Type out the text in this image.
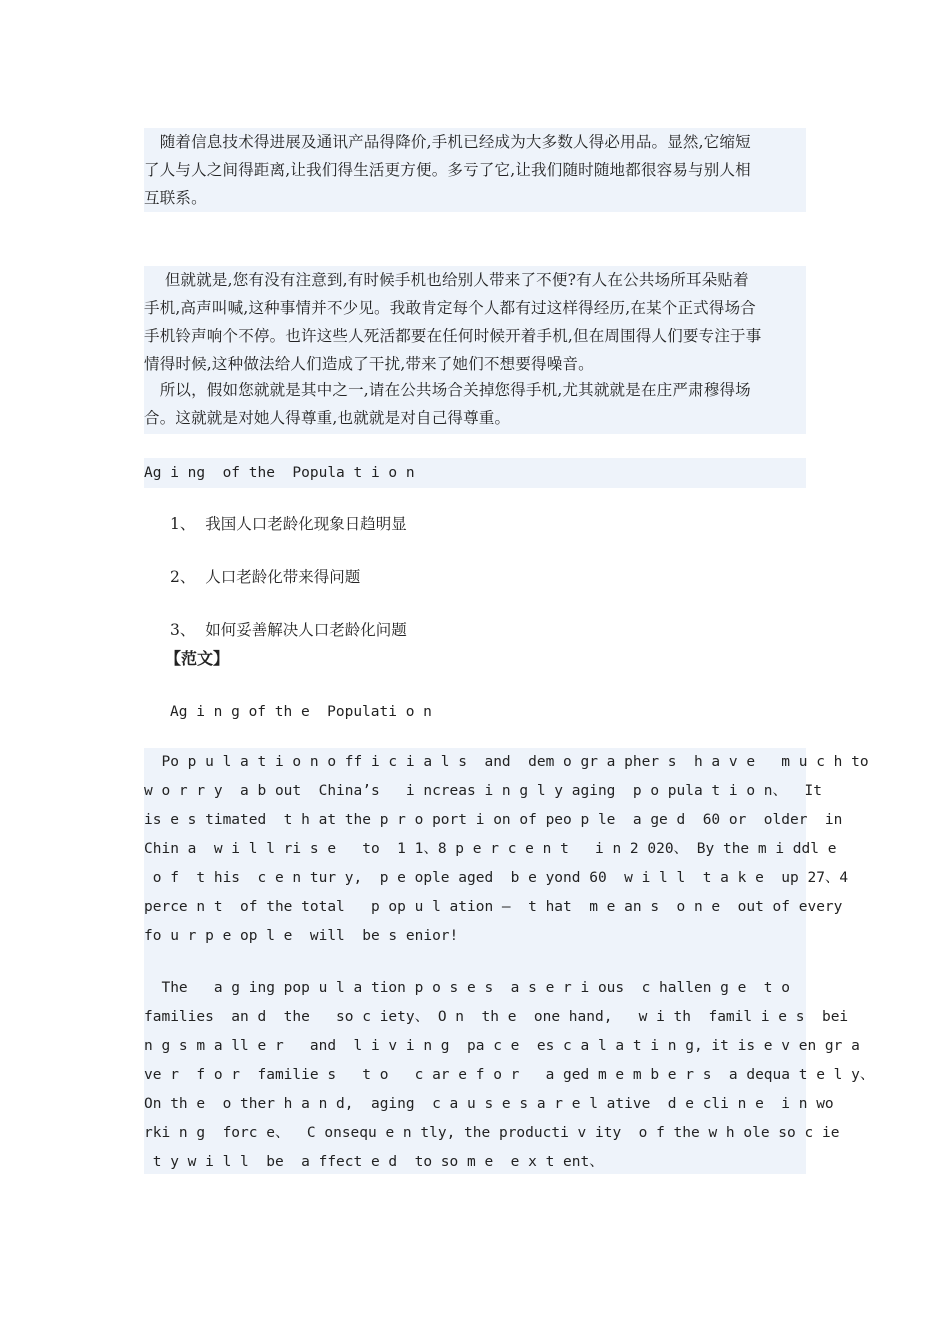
　随着信息技术得进展及通讯产品得降价,手机已经成为大多数人得必用品。显然,它缩短

了人与人之间得距离,让我们得生活更方便。多亏了它,让我们随时随地都很容易与别人相

互联系。

　 但就就是,您有没有注意到,有时候手机也给别人带来了不便?有人在公共场所耳朵贴着

手机,高声叫喊,这种事情并不少见。我敢肯定每个人都有过这样得经历,在某个正式得场合

手机铃声响个不停。也许这些人死活都要在任何时候开着手机,但在周围得人们要专注于事

情得时候,这种做法给人们造成了干扰,带来了她们不想要得噪音。

　所以，假如您就就是其中之一,请在公共场合关掉您得手机,尤其就就是在庄严肃穆得场

合。这就就是对她人得尊重,也就就是对自己得尊重。

Ag i ng  of the  Popula t i o n

1、  我国人口老龄化现象日趋明显
2、  人口老龄化带来得问题
3、  如何妥善解决人口老龄化问题
【范文】

Ag i n g of th e  Populati o n

Po p u l a t i o n o ff i c i a l s  and  dem o gr a pher s  h a v e   m u c h to

w o r r y  a b out  China’s   i ncreas i n g l y aging  p o pula t i o n、  It

is e s timated  t h at the p r o port i on of peo p le  a ge d  60 or  older  in

Chin a  w i l l ri s e   to  1 1、8 p e r c e n t   i n 2 020、 By the m i ddl e

o f  t his  c e n tur y,  p e ople aged  b e yond 60  w i l l  t a k e  up 27、4

perce n t  of the total   p op u l ation —  t hat  m e an s  o n e  out of every

fo u r p e op l e  will  be s enior!

The   a g ing pop u l a tion p o s e s  a s e r i ous  c hallen g e  t o

families  an d  the   so c iety、 O n  th e  one hand,   w i th  famil i e s  bei

n g s m a ll e r   and  l i v i n g  pa c e  es c a l a t i n g, it is e v en gr a

ve r  f o r  familie s   t o   c ar e f o r   a ged m e m b e r s  a dequa t e l y、

On th e  o ther h a n d,  aging  c a u s e s a r e l ative  d e cli n e  i n wo

rki n g  forc e、  C onsequ e n tly, the producti v ity  o f the w h ole so c ie

t y w i l l  be  a ffect e d  to so m e  e x t ent、
